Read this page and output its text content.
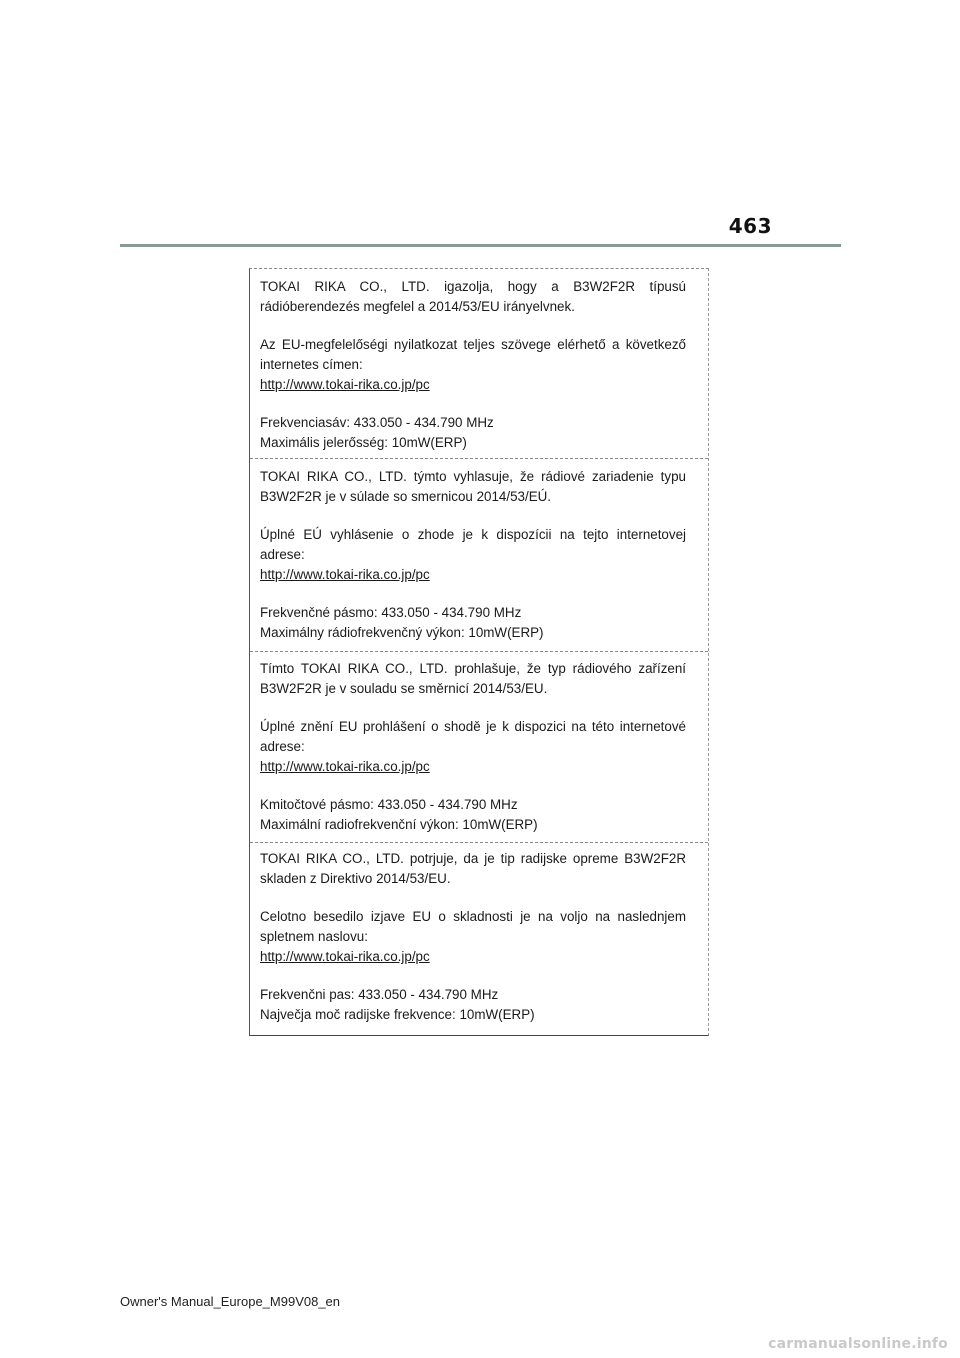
463

TOKAI RIKA CO., LTD. igazolja, hogy a B3W2F2R típusú rádióberendezés megfelel a 2014/53/EU irányelvnek.

Az EU-megfelelőségi nyilatkozat teljes szövege elérhető a következő internetes címen:

http://www.tokai-rika.co.jp/pc

Frekvenciasáv: 433.050 - 434.790 MHz

Maximális jelerősség: 10mW(ERP)

TOKAI RIKA CO., LTD. týmto vyhlasuje, že rádiové zariadenie typu B3W2F2R je v súlade so smernicou 2014/53/EÚ.

Úplné EÚ vyhlásenie o zhode je k dispozícii na tejto internetovej adrese:

http://www.tokai-rika.co.jp/pc

Frekvenčné pásmo: 433.050 - 434.790 MHz

Maximálny rádiofrekvenčný výkon: 10mW(ERP)

Tímto TOKAI RIKA CO., LTD. prohlašuje, že typ rádiového zařízení B3W2F2R je v souladu se směrnicí 2014/53/EU.

Úplné znění EU prohlášení o shodě je k dispozici na této internetové adrese:

http://www.tokai-rika.co.jp/pc

Kmitočtové pásmo: 433.050 - 434.790 MHz

Maximální radiofrekvenční výkon: 10mW(ERP)

TOKAI RIKA CO., LTD. potrjuje, da je tip radijske opreme B3W2F2R skladen z Direktivo 2014/53/EU.

Celotno besedilo izjave EU o skladnosti je na voljo na naslednjem spletnem naslovu:

http://www.tokai-rika.co.jp/pc

Frekvenčni pas: 433.050 - 434.790 MHz

Največja moč radijske frekvence: 10mW(ERP)

Owner's Manual_Europe_M99V08_en
carmanualsonline.info
